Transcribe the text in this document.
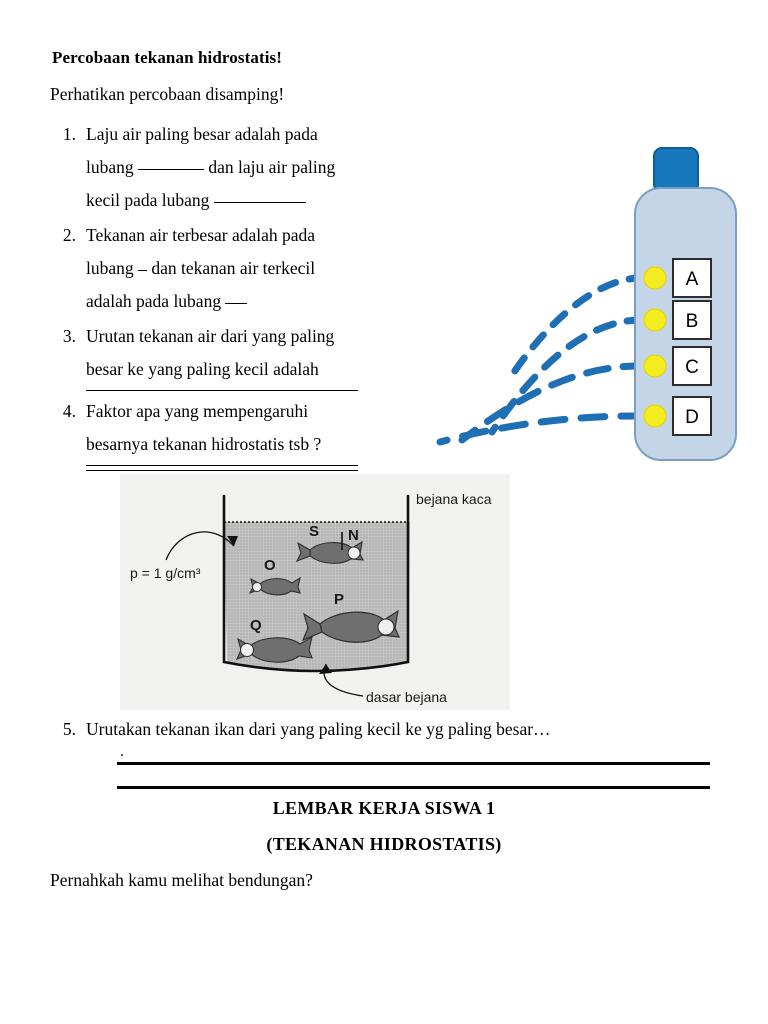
Percobaan tekanan hidrostatis!
Perhatikan percobaan disamping!
1. Laju air paling besar adalah pada
lubang	dan laju air paling
kecil pada lubang
2. Tekanan air terbesar adalah pada
lubang dan tekanan air terkecil
adalah pada lubang
3. Urutan tekanan air dari yang paling
besar ke yang paling kecil adalah
4. Faktor apa yang mempengaruhi
besarnya tekanan hidrostatis tsb ?
A
B
C
D
p = 1 g/cm³
bejana kaca
dasar bejana
S N
O
P
Q
5. Urutakan tekanan ikan dari yang paling kecil ke yg paling besar…
.
LEMBAR KERJA SISWA 1
(TEKANAN HIDROSTATIS)
Pernahkah kamu melihat bendungan?
